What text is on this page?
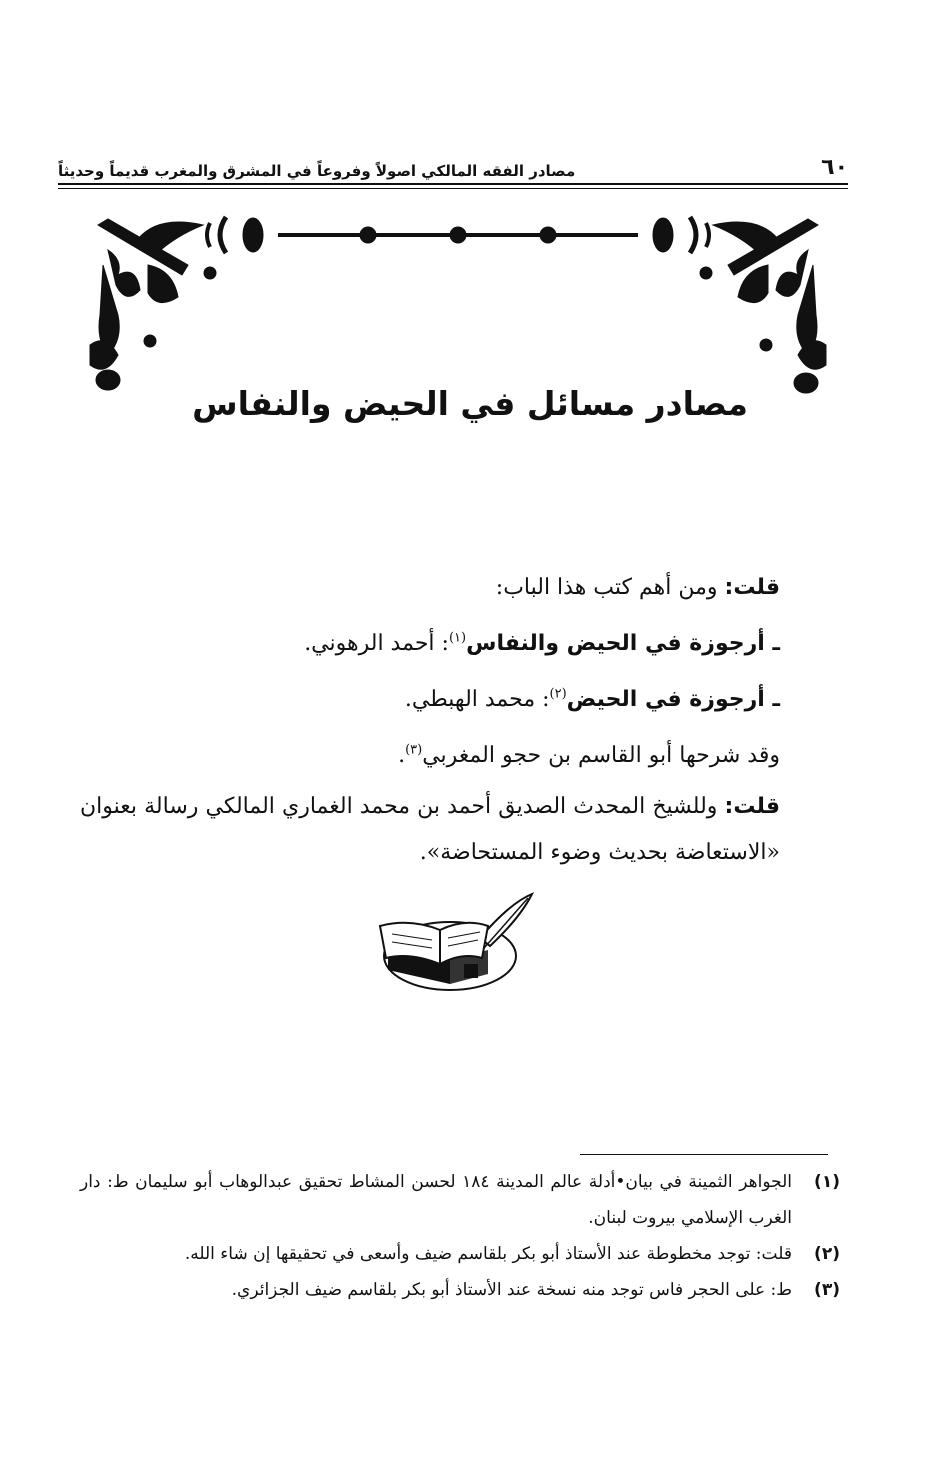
٦٠
مصادر الفقه المالكي اصولاً وفروعاً في المشرق والمغرب قديماً وحديثاً
مصادر مسائل في الحيض والنفاس

قلت: ومن أهم كتب هذا الباب:

ـ أرجوزة في الحيض والنفاس$^{(١)}$: أحمد الرهوني.

ـ أرجوزة في الحيض$^{(٢)}$: محمد الهبطي.

وقد شرحها أبو القاسم بن حجو المغربي$^{(٣)}$.

قلت: وللشيخ المحدث الصديق أحمد بن محمد الغماري المالكي رسالة بعنوان «الاستعاضة بحديث وضوء المستحاضة».

(١)
الجواهر الثمينة في بيان•أدلة عالم المدينة ١٨٤ لحسن المشاط تحقيق عبدالوهاب أبو سليمان ط: دار الغرب الإسلامي بيروت لبنان.
(٢)
قلت: توجد مخطوطة عند الأستاذ أبو بكر بلقاسم ضيف وأسعى في تحقيقها إن شاء الله.
(٣)
ط: على الحجر فاس توجد منه نسخة عند الأستاذ أبو بكر بلقاسم ضيف الجزائري.
